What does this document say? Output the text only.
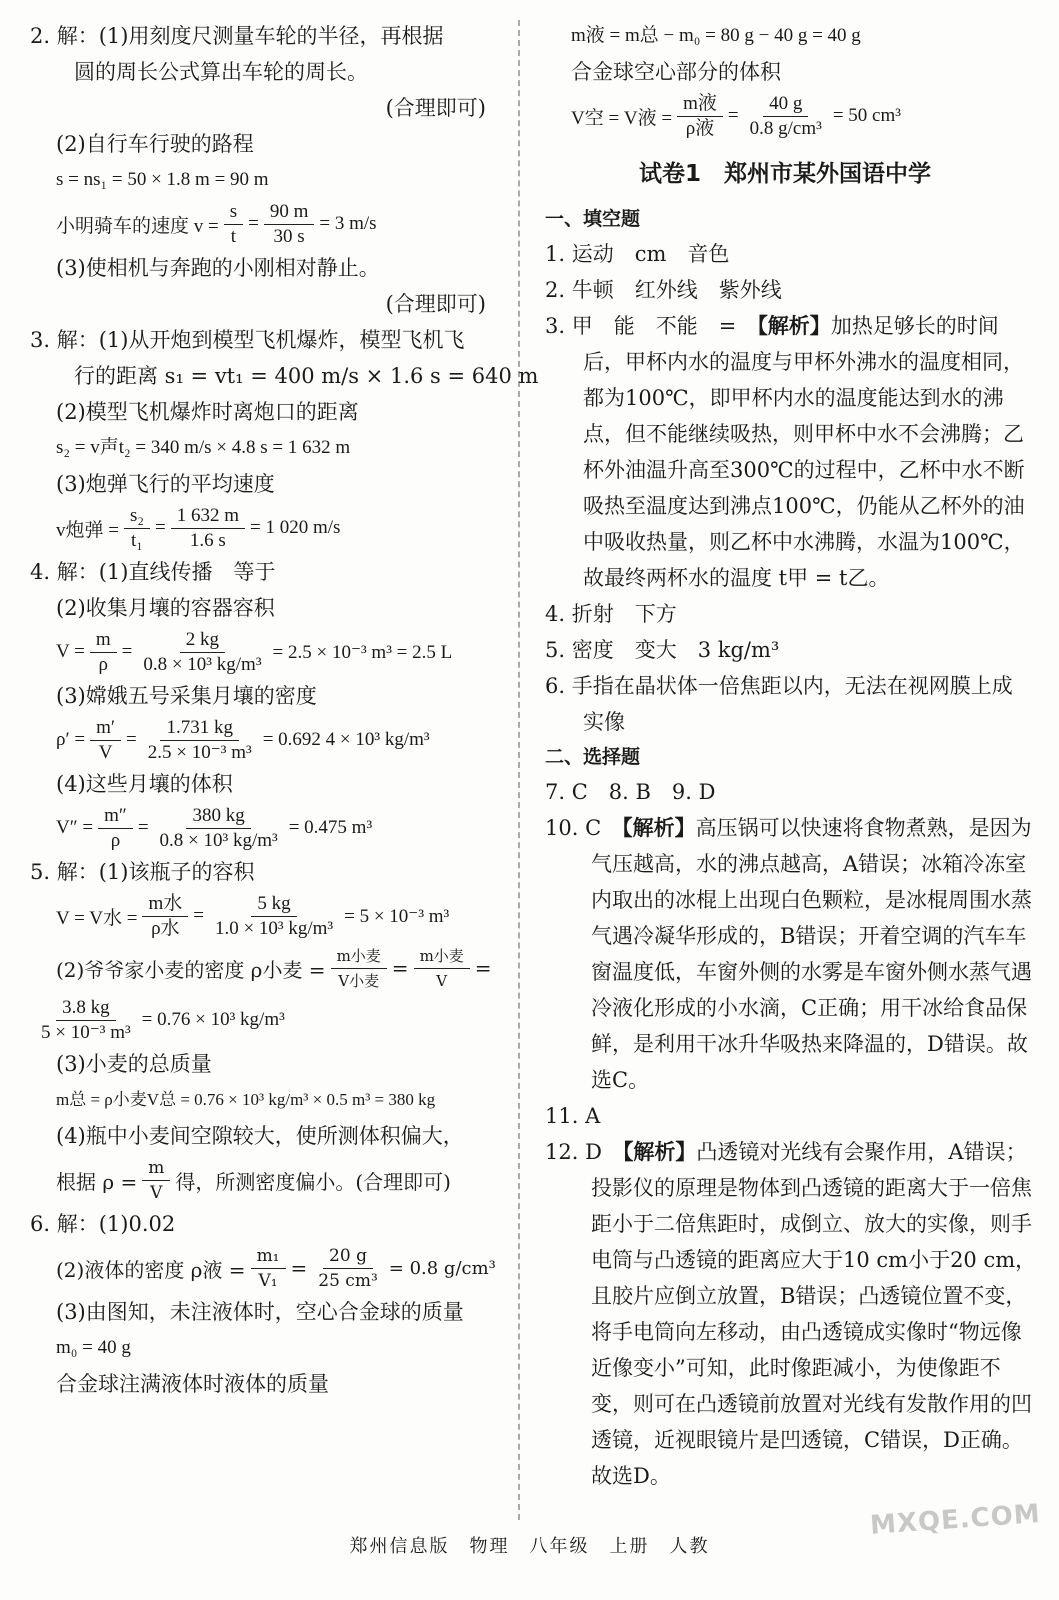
2. 解：(1)用刻度尺测量车轮的半径，再根据
圆的周长公式算出车轮的周长。
(合理即可)
(2)自行车行驶的路程
s = ns₁ = 50 × 1.8 m = 90 m
小明骑车的速度 $v = \frac{s}{t} = \frac{90 m}{30 s} = 3$ m/s
(3)使相机与奔跑的小刚相对静止。
(合理即可)
3. 解：(1)从开炮到模型飞机爆炸，模型飞机飞
行的距离 s₁ = vt₁ = 400 m/s × 1.6 s = 640 m
(2)模型飞机爆炸时离炮口的距离
s₂ = v声t₂ = 340 m/s × 4.8 s = 1 632 m
(3)炮弹飞行的平均速度
v炮弹 = $\frac{\text{s₂}}{\text{t₁}} = \frac{1 632 m}{1.6 s} = 1$ 020 m/s
4. 解：(1)直线传播　等于
(2)收集月壤的容器容积
$V = \frac{m}{\rho} = \frac{2 kg}{\text{0.8 × 10³ kg/m³}} = 2.5 \times 10^{-3}$ m³ = 2.5 L
(3)嫦娥五号采集月壤的密度
$\rho' = \frac{m'}{V} = \frac{1.731 kg}{\text{2.5 × 10⁻³ m³}} = 0.692$ 4 × 10³ kg/m³
(4)这些月壤的体积
$V'' = \frac{m''}{\rho} = \frac{380 kg}{\text{0.8 × 10³ kg/m³}} = 0.475$ m³
5. 解：(1)该瓶子的容积
V = V水 = $\frac{\text{m水}}{\text{ρ水}} = \frac{5 kg}{\text{1.0 × 10³ kg/m³}} = 5 \times 10^{-3}$ m³
(2)爷爷家小麦的密度 ρ小麦 = $\frac{\text{m小麦}}{\text{V小麦}} = \frac{\text{m小麦}}{V}$ =
$\frac{3.8 kg}{\text{5 × 10⁻³ m³}} = 0.76 \times 10^3$ kg/m³
(3)小麦的总质量
m总 = ρ小麦V总 = 0.76 × 10³ kg/m³ × 0.5 m³ = 380 kg
(4)瓶中小麦间空隙较大，使所测体积偏大，
根据 $\rho = \frac{m}{V}$ 得，所测密度偏小。(合理即可)
6. 解：(1)0.02
(2)液体的密度 ρ液 = $\frac{\text{m₁}}{\text{V₁}} = \frac{20 g}{\text{25 cm³}} = 0.8$ g/cm³
(3)由图知，未注液体时，空心合金球的质量
m₀ = 40 g
合金球注满液体时液体的质量
m液 = m总 − m₀ = 80 g − 40 g = 40 g
合金球空心部分的体积
V空 = V液 = $\frac{\text{m液}}{\text{ρ液}} = \frac{40 g}{\text{0.8 g/cm³}} = 50$ cm³
试卷1　郑州市某外国语中学
一、填空题
1. 运动　cm　音色
2. 牛顿　红外线　紫外线
3. 甲　能　不能　=　【解析】加热足够长的时间后，甲杯内水的温度与甲杯外沸水的温度相同，都为100℃，即甲杯内水的温度能达到水的沸点，但不能继续吸热，则甲杯中水不会沸腾；乙杯外油温升高至300℃的过程中，乙杯中水不断吸热至温度达到沸点100℃，仍能从乙杯外的油中吸收热量，则乙杯中水沸腾，水温为100℃，故最终两杯水的温度 t甲 = t乙。
4. 折射　下方
5. 密度　变大　3 kg/m³
6. 手指在晶状体一倍焦距以内，无法在视网膜上成实像
二、选择题
7. C　8. B　9. D
10. C　【解析】高压锅可以快速将食物煮熟，是因为气压越高，水的沸点越高，A错误；冰箱冷冻室内取出的冰棍上出现白色颗粒，是冰棍周围水蒸气遇冷凝华形成的，B错误；开着空调的汽车车窗温度低，车窗外侧的水雾是车窗外侧水蒸气遇冷液化形成的小水滴，C正确；用干冰给食品保鲜，是利用干冰升华吸热来降温的，D错误。故选C。
11. A
12. D　【解析】凸透镜对光线有会聚作用，A错误；投影仪的原理是物体到凸透镜的距离大于一倍焦距小于二倍焦距时，成倒立、放大的实像，则手电筒与凸透镜的距离应大于10 cm小于20 cm，且胶片应倒立放置，B错误；凸透镜位置不变，将手电筒向左移动，由凸透镜成实像时“物远像近像变小”可知，此时像距减小，为使像距不变，则可在凸透镜前放置对光线有发散作用的凹透镜，近视眼镜片是凹透镜，C错误，D正确。故选D。
郑州信息版　物理　八年级　上册　人教
MXQE.COM
